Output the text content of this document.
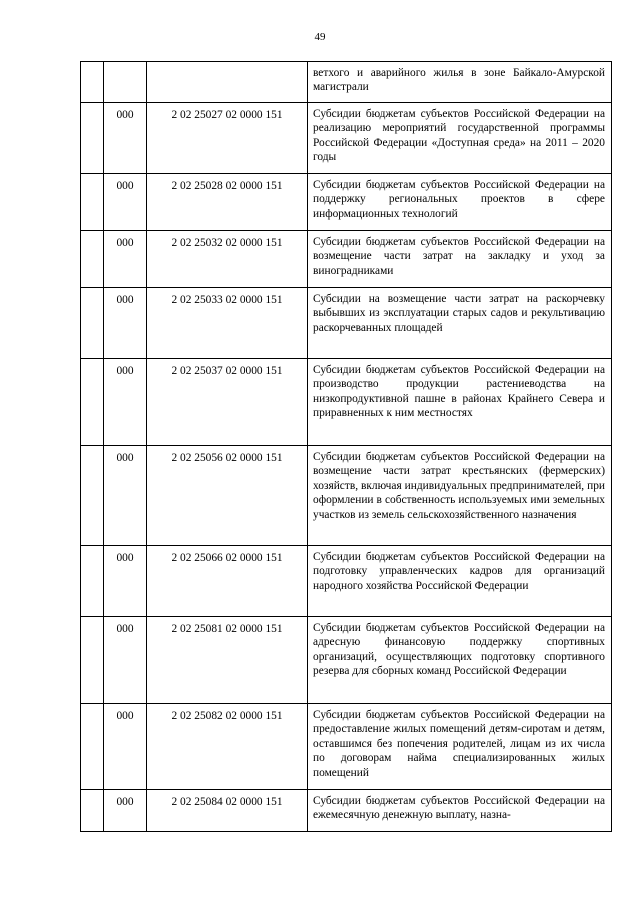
49
			ветхого и аварийного жилья в зоне Байкало-Амурской магистрали
	000	2 02 25027 02 0000 151	Субсидии бюджетам субъектов Российской Федерации на реализацию мероприятий государственной программы Российской Федерации «Доступная среда» на 2011 – 2020 годы
	000	2 02 25028 02 0000 151	Субсидии бюджетам субъектов Российской Федерации на поддержку региональных проектов в сфере информационных технологий
	000	2 02 25032 02 0000 151	Субсидии бюджетам субъектов Российской Федерации на возмещение части затрат на закладку и уход за виноградниками
	000	2 02 25033 02 0000 151	Субсидии на возмещение части затрат на раскорчевку выбывших из эксплуатации старых садов и рекультивацию раскорчеванных площадей
	000	2 02 25037 02 0000 151	Субсидии бюджетам субъектов Российской Федерации на производство продукции растениеводства на низкопродуктивной пашне в районах Крайнего Севера и приравненных к ним местностях
	000	2 02 25056 02 0000 151	Субсидии бюджетам субъектов Российской Федерации на возмещение части затрат крестьянских (фермерских) хозяйств, включая индивидуальных предпринимателей, при оформлении в собственность используемых ими земельных участков из земель сельскохозяйственного назначения
	000	2 02 25066 02 0000 151	Субсидии бюджетам субъектов Российской Федерации на подготовку управленческих кадров для организаций народного хозяйства Российской Федерации
	000	2 02 25081 02 0000 151	Субсидии бюджетам субъектов Российской Федерации на адресную финансовую поддержку спортивных организаций, осуществляющих подготовку спортивного резерва для сборных команд Российской Федерации
	000	2 02 25082 02 0000 151	Субсидии бюджетам субъектов Российской Федерации на предоставление жилых помещений детям-сиротам и детям, оставшимся без попечения родителей, лицам из их числа по договорам найма специализированных жилых помещений
	000	2 02 25084 02 0000 151	Субсидии бюджетам субъектов Российской Федерации на ежемесячную денежную выплату, назна-
